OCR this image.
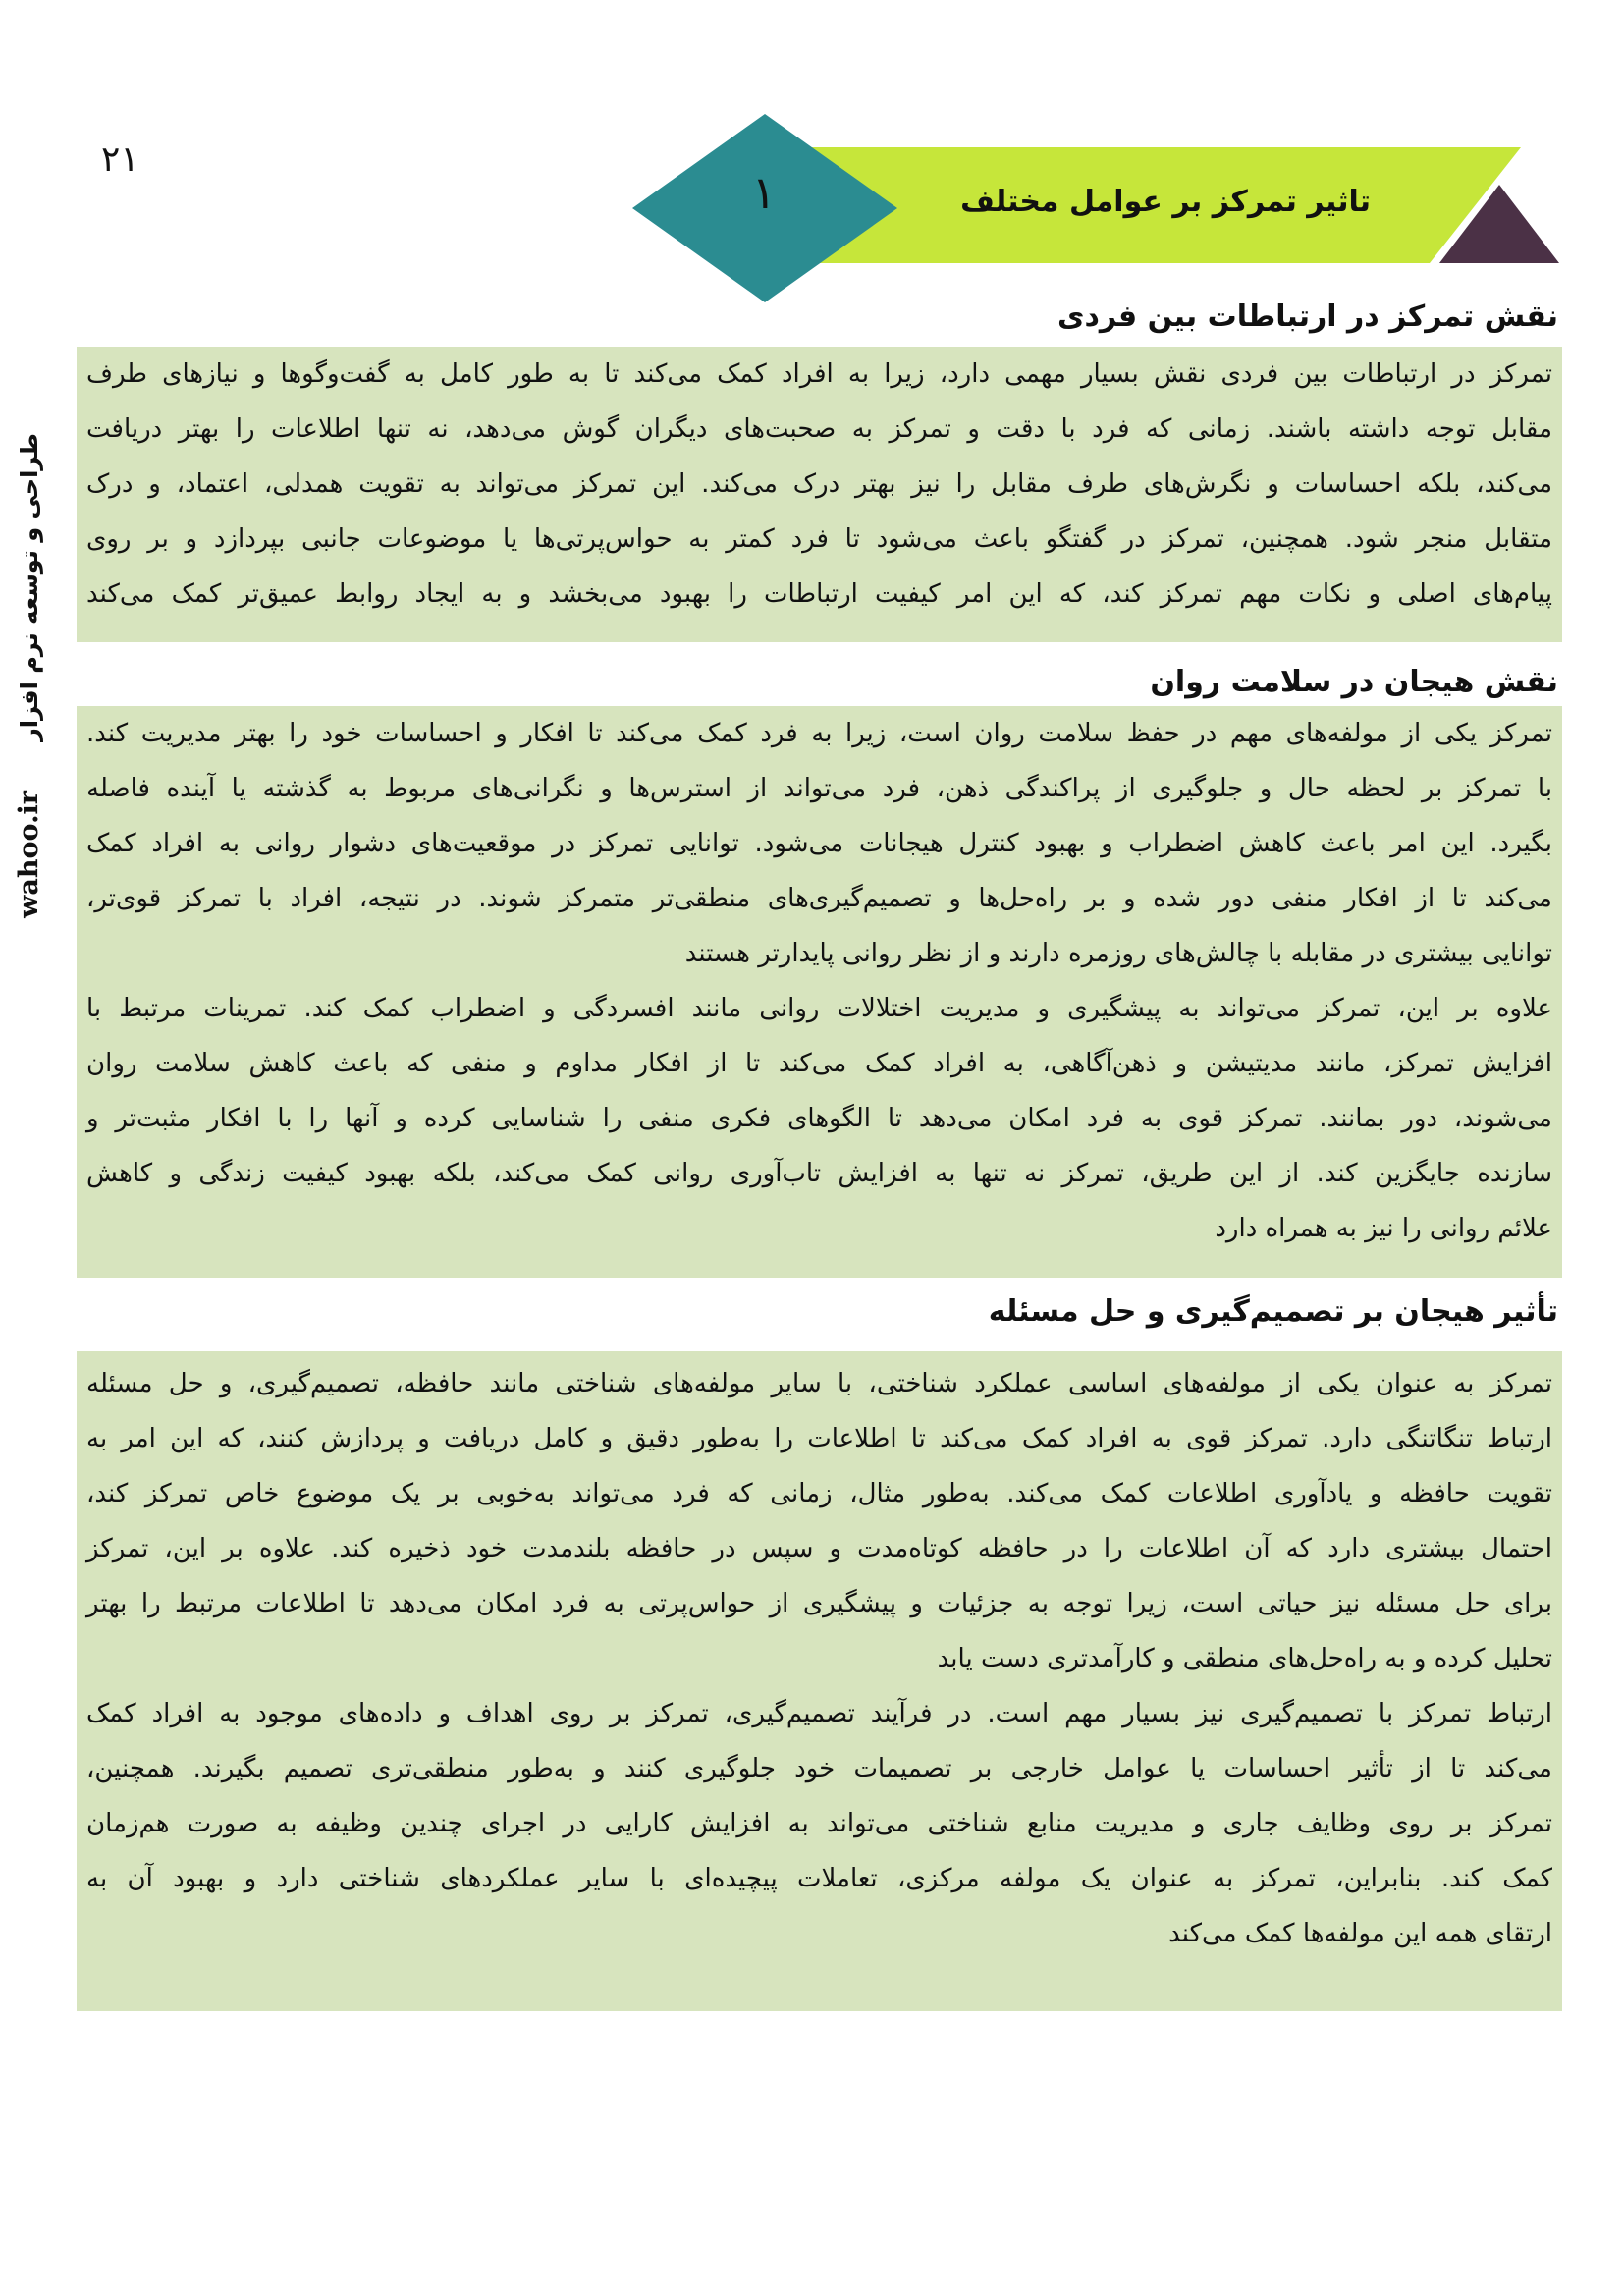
۲۱
۱	تاثیر تمرکز بر عوامل مختلف
طراحی و توسعه نرم افزار
wahoo.ir
نقش تمرکز در ارتباطات بین فردی
تمرکز در ارتباطات بین فردی نقش بسیار مهمی دارد، زیرا به افراد کمک می‌کند تا به طور کامل به گفت‌وگوها و نیازهای طرف
مقابل توجه داشته باشند. زمانی که فرد با دقت و تمرکز به صحبت‌های دیگران گوش می‌دهد، نه تنها اطلاعات را بهتر دریافت
می‌کند، بلکه احساسات و نگرش‌های طرف مقابل را نیز بهتر درک می‌کند. این تمرکز می‌تواند به تقویت همدلی، اعتماد، و درک
متقابل منجر شود. همچنین، تمرکز در گفتگو باعث می‌شود تا فرد کمتر به حواس‌پرتی‌ها یا موضوعات جانبی بپردازد و بر روی
پیام‌های اصلی و نکات مهم تمرکز کند، که این امر کیفیت ارتباطات را بهبود می‌بخشد و به ایجاد روابط عمیق‌تر کمک می‌کند
نقش هیجان در سلامت روان
تمرکز یکی از مولفه‌های مهم در حفظ سلامت روان است، زیرا به فرد کمک می‌کند تا افکار و احساسات خود را بهتر مدیریت کند.
با تمرکز بر لحظه حال و جلوگیری از پراکندگی ذهن، فرد می‌تواند از استرس‌ها و نگرانی‌های مربوط به گذشته یا آینده فاصله
بگیرد. این امر باعث کاهش اضطراب و بهبود کنترل هیجانات می‌شود. توانایی تمرکز در موقعیت‌های دشوار روانی به افراد کمک
می‌کند تا از افکار منفی دور شده و بر راه‌حل‌ها و تصمیم‌گیری‌های منطقی‌تر متمرکز شوند. در نتیجه، افراد با تمرکز قوی‌تر،
توانایی بیشتری در مقابله با چالش‌های روزمره دارند و از نظر روانی پایدارتر هستند
علاوه بر این، تمرکز می‌تواند به پیشگیری و مدیریت اختلالات روانی مانند افسردگی و اضطراب کمک کند. تمرینات مرتبط با
افزایش تمرکز، مانند مدیتیشن و ذهن‌آگاهی، به افراد کمک می‌کند تا از افکار مداوم و منفی که باعث کاهش سلامت روان
می‌شوند، دور بمانند. تمرکز قوی به فرد امکان می‌دهد تا الگوهای فکری منفی را شناسایی کرده و آنها را با افکار مثبت‌تر و
سازنده جایگزین کند. از این طریق، تمرکز نه تنها به افزایش تاب‌آوری روانی کمک می‌کند، بلکه بهبود کیفیت زندگی و کاهش
علائم روانی را نیز به همراه دارد
تأثیر هیجان بر تصمیم‌گیری و حل مسئله
تمرکز به عنوان یکی از مولفه‌های اساسی عملکرد شناختی، با سایر مولفه‌های شناختی مانند حافظه، تصمیم‌گیری، و حل مسئله
ارتباط تنگاتنگی دارد. تمرکز قوی به افراد کمک می‌کند تا اطلاعات را به‌طور دقیق و کامل دریافت و پردازش کنند، که این امر به
تقویت حافظه و یادآوری اطلاعات کمک می‌کند. به‌طور مثال، زمانی که فرد می‌تواند به‌خوبی بر یک موضوع خاص تمرکز کند،
احتمال بیشتری دارد که آن اطلاعات را در حافظه کوتاه‌مدت و سپس در حافظه بلندمدت خود ذخیره کند. علاوه بر این، تمرکز
برای حل مسئله نیز حیاتی است، زیرا توجه به جزئیات و پیشگیری از حواس‌پرتی به فرد امکان می‌دهد تا اطلاعات مرتبط را بهتر
تحلیل کرده و به راه‌حل‌های منطقی و کارآمدتری دست یابد
ارتباط تمرکز با تصمیم‌گیری نیز بسیار مهم است. در فرآیند تصمیم‌گیری، تمرکز بر روی اهداف و داده‌های موجود به افراد کمک
می‌کند تا از تأثیر احساسات یا عوامل خارجی بر تصمیمات خود جلوگیری کنند و به‌طور منطقی‌تری تصمیم بگیرند. همچنین،
تمرکز بر روی وظایف جاری و مدیریت منابع شناختی می‌تواند به افزایش کارایی در اجرای چندین وظیفه به صورت هم‌زمان
کمک کند. بنابراین، تمرکز به عنوان یک مولفه مرکزی، تعاملات پیچیده‌ای با سایر عملکردهای شناختی دارد و بهبود آن به
ارتقای همه این مولفه‌ها کمک می‌کند
